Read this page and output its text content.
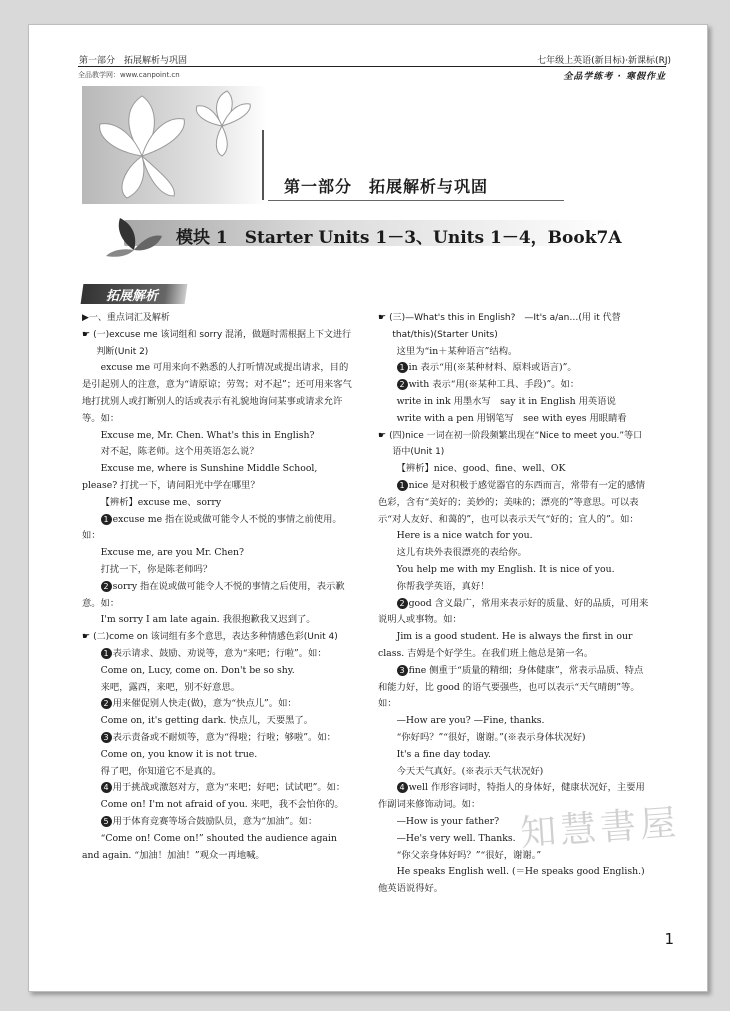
第一部分　拓展解析与巩固	七年级上英语(新目标)·新课标(RJ)
全品教学网：www.canpoint.cn	全品学练考 · 寒假作业
第一部分　拓展解析与巩固
模块 1　Starter Units 1－3、Units 1－4，Book7A
拓展解析

▶一、重点词汇及解析

☛ (一)excuse me 该词组和 sorry 混淆，做题时需根据上下文进行判断(Unit 2)

excuse me 可用来向不熟悉的人打听情况或提出请求，目的是引起别人的注意，意为“请原谅；劳驾；对不起”；还可用来客气地打扰别人或打断别人的话或表示有礼貌地询问某事或请求允许等。如：

Excuse me, Mr. Chen. What's this in English?

对不起，陈老师。这个用英语怎么说？

Excuse me, where is Sunshine Middle School, please? 打扰一下，请问阳光中学在哪里？

【辨析】excuse me、sorry

1 excuse me 指在说或做可能令人不悦的事情之前使用。如：

Excuse me, are you Mr. Chen?

打扰一下，你是陈老师吗？

2 sorry 指在说或做可能令人不悦的事情之后使用，表示歉意。如：

I'm sorry I am late again. 我很抱歉我又迟到了。

☛ (二)come on 该词组有多个意思，表达多种情感色彩(Unit 4)

1 表示请求、鼓励、劝说等，意为“来吧；行啦”。如：

Come on, Lucy, come on. Don't be so shy.

来吧，露西，来吧，别不好意思。

2 用来催促别人快走(做)，意为“快点儿”。如：

Come on, it's getting dark. 快点儿，天要黑了。

3 表示责备或不耐烦等，意为“得啦；行啦；够啦”。如：

Come on, you know it is not true.

得了吧，你知道它不是真的。

4 用于挑战或激怒对方，意为“来吧；好吧；试试吧”。如：

Come on! I'm not afraid of you. 来吧，我不会怕你的。

5 用于体育竞赛等场合鼓励队员，意为“加油”。如：

“Come on! Come on!” shouted the audience again and again. “加油！加油！”观众一再地喊。

☛ (三)—What's this in English?　—It's a/an…(用 it 代替 that/this)(Starter Units)

这里为“in＋某种语言”结构。

1 in 表示“用(※某种材料、原料或语言)”。

2 with 表示“用(※某种工具、手段)”。如：

write in ink 用墨水写　say it in English 用英语说

write with a pen 用钢笔写　see with eyes 用眼睛看

☛ (四)nice 一词在初一阶段频繁出现在“Nice to meet you.”等口语中(Unit 1)

【辨析】nice、good、fine、well、OK

1 nice 是对积极于感觉器官的东西而言，常带有一定的感情色彩，含有“美好的；美妙的；美味的；漂亮的”等意思。可以表示“对人友好、和蔼的”，也可以表示天气“好的；宜人的”。如：

Here is a nice watch for you.

这儿有块外表很漂亮的表给你。

You help me with my English. It is nice of you.

你帮我学英语，真好！

2 good 含义最广，常用来表示好的质量、好的品质，可用来说明人或事物。如：

Jim is a good student. He is always the first in our class. 吉姆是个好学生。在我们班上他总是第一名。

3 fine 侧重于“质量的精细；身体健康”，常表示品质、特点和能力好，比 good 的语气要强些，也可以表示“天气晴朗”等。如：

—How are you? —Fine, thanks.

“你好吗？”“很好，谢谢。”(※表示身体状况好)

It's a fine day today.

今天天气真好。(※表示天气状况好)

4 well 作形容词时，特指人的身体好，健康状况好，主要用作副词来修饰动词。如：

—How is your father?

—He's very well. Thanks.

“你父亲身体好吗？”“很好，谢谢。”

He speaks English well. (＝He speaks good English.)他英语说得好。

知慧書屋
1
